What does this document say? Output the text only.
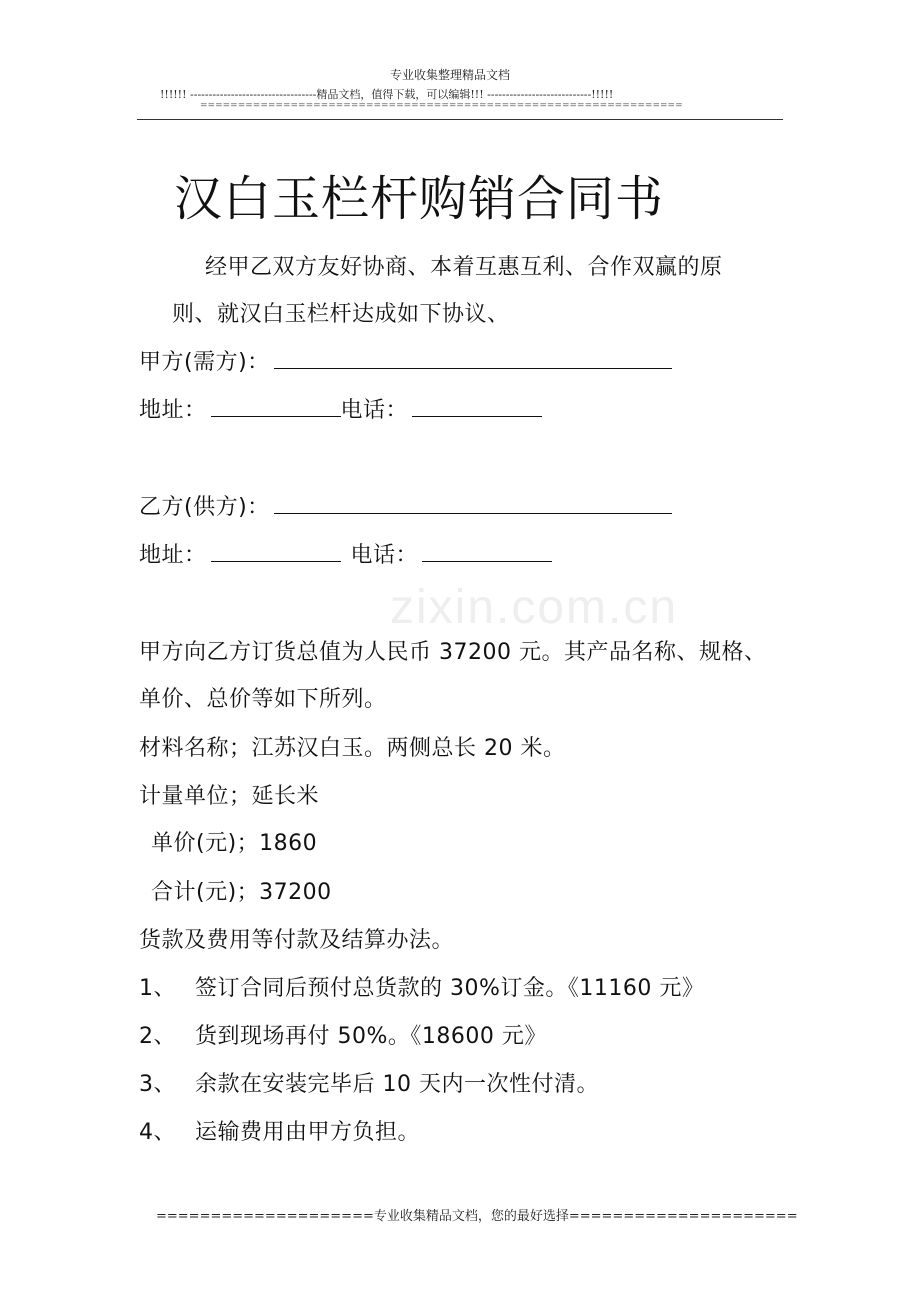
专业收集整理精品文档
!!!!!! ----------------------------------精品文档，值得下载，可以编辑!!! ----------------------------!!!!!
================================================================
zixin.com.cn
汉白玉栏杆购销合同书
经甲乙双方友好协商、本着互惠互利、合作双赢的原
则、就汉白玉栏杆达成如下协议、
甲方(需方)：
地址：	电话：
乙方(供方)：
地址：	电话：
甲方向乙方订货总值为人民币 37200 元。其产品名称、规格、
单价、总价等如下所列。
材料名称；江苏汉白玉。两侧总长 20 米。
计量单位；延长米
单价(元)；1860
合计(元)；37200
货款及费用等付款及结算办法。
1、 签订合同后预付总货款的 30%订金。《11160 元》
2、 货到现场再付 50%。《18600 元》
3、 余款在安装完毕后 10 天内一次性付清。
4、 运输费用由甲方负担。
====================专业收集精品文档，您的最好选择=====================
